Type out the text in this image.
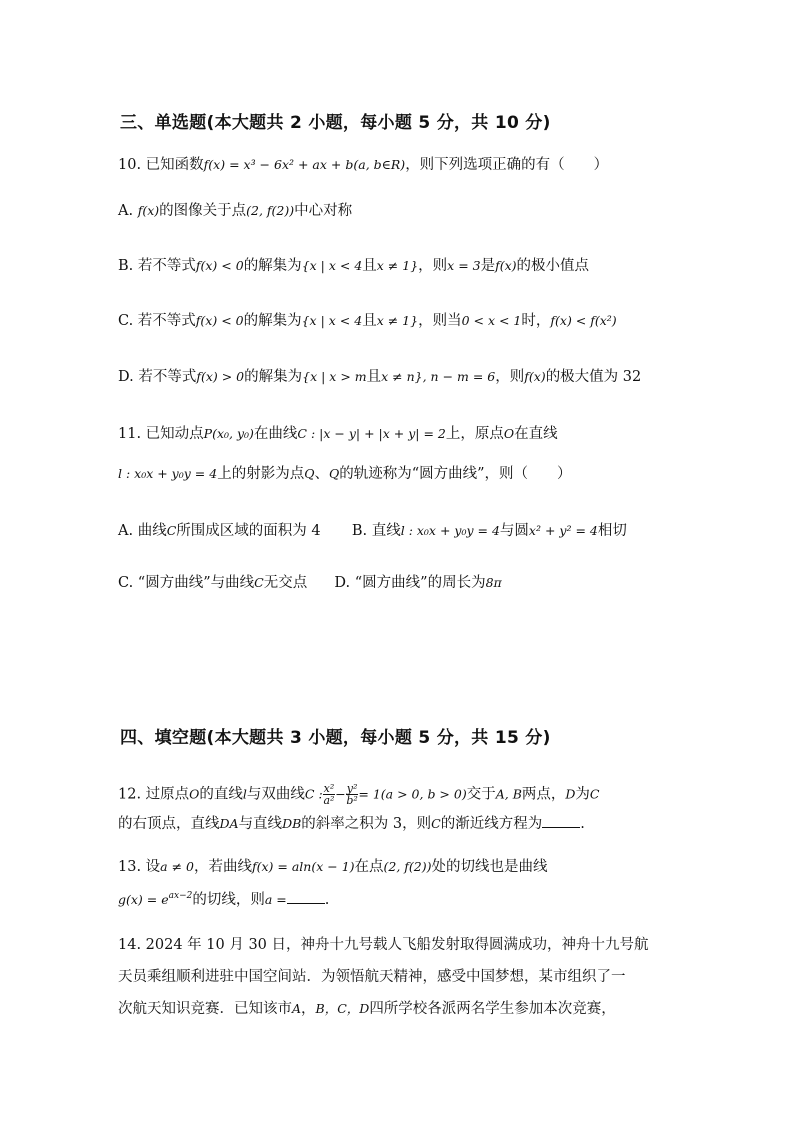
三、单选题(本大题共 2 小题，每小题 5 分，共 10 分)
10. 已知函数f(x) = x³ − 6x² + ax + b(a, b∈R)，则下列选项正确的有（　　）
A. f(x)的图像关于点(2, f(2))中心对称
B. 若不等式f(x) < 0的解集为{x | x < 4且x ≠ 1}，则x = 3是f(x)的极小值点
C. 若不等式f(x) < 0的解集为{x | x < 4且x ≠ 1}，则当0 < x < 1时，f(x) < f(x²)
D. 若不等式f(x) > 0的解集为{x | x > m且x ≠ n}, n − m = 6，则f(x)的极大值为 32
11. 已知动点P(x₀, y₀)在曲线C : |x − y| + |x + y| = 2上，原点O在直线
l : x₀x + y₀y = 4上的射影为点Q、Q的轨迹称为“圆方曲线”，则（　　）
A. 曲线C所围成区域的面积为 4 B. 直线l : x₀x + y₀y = 4与圆x² + y² = 4相切
C. “圆方曲线”与曲线C无交点 D. “圆方曲线”的周长为8π
四、填空题(本大题共 3 小题，每小题 5 分，共 15 分)
12. 过原点O的直线l与双曲线C : $\frac{\text{x²}}{\text{a²}} - \frac{\text{y²}}{\text{b²}} = 1(a > 0$, b > 0)交于A, B两点，D为C
的右顶点，直线DA与直线DB的斜率之积为 3，则C的渐近线方程为	.
13. 设a ≠ 0，若曲线f(x) = aln(x − 1)在点(2, f(2))处的切线也是曲线
$g(x) = e^{ax-2}$的切线，则a =	.
14. 2024 年 10 月 30 日，神舟十九号载人飞船发射取得圆满成功，神舟十九号航
天员乘组顺利进驻中国空间站．为领悟航天精神，感受中国梦想，某市组织了一
次航天知识竞赛．已知该市A，B，C，D四所学校各派两名学生参加本次竞赛，
